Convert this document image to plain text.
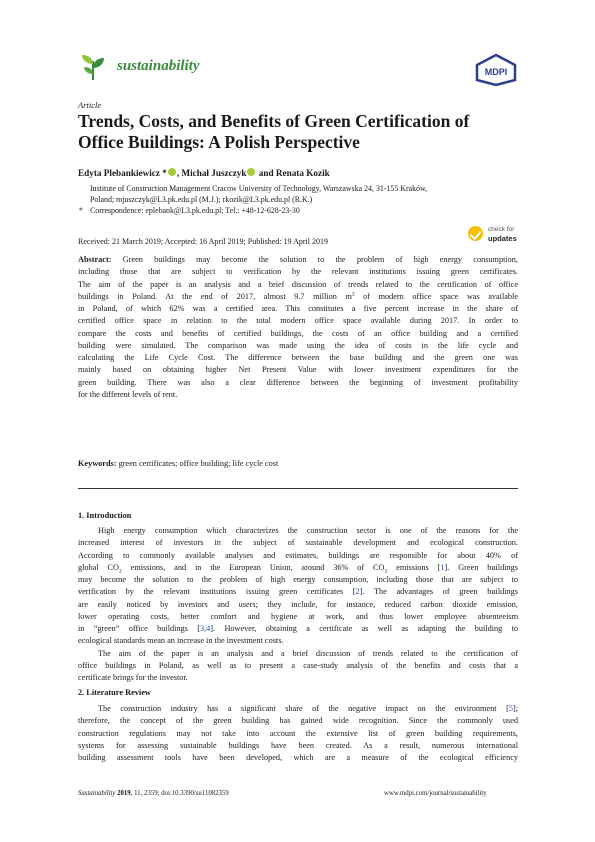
sustainability	MDPI
Article
Trends, Costs, and Benefits of Green Certification of
Office Buildings: A Polish Perspective
Edyta Plebankiewicz * , Michał Juszczyk and Renata Kozik
Institute of Construction Management Cracow University of Technology, Warszawska 24, 31-155 Kraków,
Poland; mjuszczyk@L3.pk.edu.pl (M.J.); rkozik@L3.pk.edu.pl (R.K.)
* Correspondence: eplebank@L3.pk.edu.pl; Tel.: +48-12-628-23-30
Received: 21 March 2019; Accepted: 16 April 2019; Published: 19 April 2019
check for
updates
Abstract: Green buildings may become the solution to the problem of high energy consumption,
including those that are subject to verification by the relevant institutions issuing green certificates.
The aim of the paper is an analysis and a brief discussion of trends related to the certification of office
buildings in Poland. At the end of 2017, almost 9.7 million $m^2$ of modern office space was available
in Poland, of which 62% was a certified area. This constitutes a five percent increase in the share of
certified office space in relation to the total modern office space available during 2017. In order to
compare the costs and benefits of certified buildings, the costs of an office building and a certified
building were simulated. The comparison was made using the idea of costs in the life cycle and
calculating the Life Cycle Cost. The difference between the base building and the green one was
mainly based on obtaining higher Net Present Value with lower investment expenditures for the
green building. There was also a clear difference between the beginning of investment profitability
for the different levels of rent.
Keywords: green certificates; office building; life cycle cost
1. Introduction
High energy consumption which characterizes the construction sector is one of the reasons for the
increased interest of investors in the subject of sustainable development and ecological construction.
According to commonly available analyses and estimates, buildings are responsible for about 40% of
global $CO_2$ emissions, and in the European Union, around 36% of $CO_2$ emissions [1]. Green buildings
may become the solution to the problem of high energy consumption, including those that are subject to
verification by the relevant institutions issuing green certificates [2]. The advantages of green buildings
are easily noticed by investors and users; they include, for instance, reduced carbon dioxide emission,
lower operating costs, better comfort and hygiene at work, and thus lower employee absenteeism
in “green” office buildings [3,4]. However, obtaining a certificate as well as adapting the building to
ecological standards mean an increase in the investment costs.
The aim of the paper is an analysis and a brief discussion of trends related to the certification of
office buildings in Poland, as well as to present a case-study analysis of the benefits and costs that a
certificate brings for the investor.
2. Literature Review
The construction industry has a significant share of the negative impact on the environment [5];
therefore, the concept of the green building has gained wide recognition. Since the commonly used
construction regulations may not take into account the extensive list of green building requirements,
systems for assessing sustainable buildings have been created. As a result, numerous international
building assessment tools have been developed, which are a measure of the ecological efficiency
Sustainability 2019, 11, 2359; doi:10.3390/su11082359	www.mdpi.com/journal/sustainability
